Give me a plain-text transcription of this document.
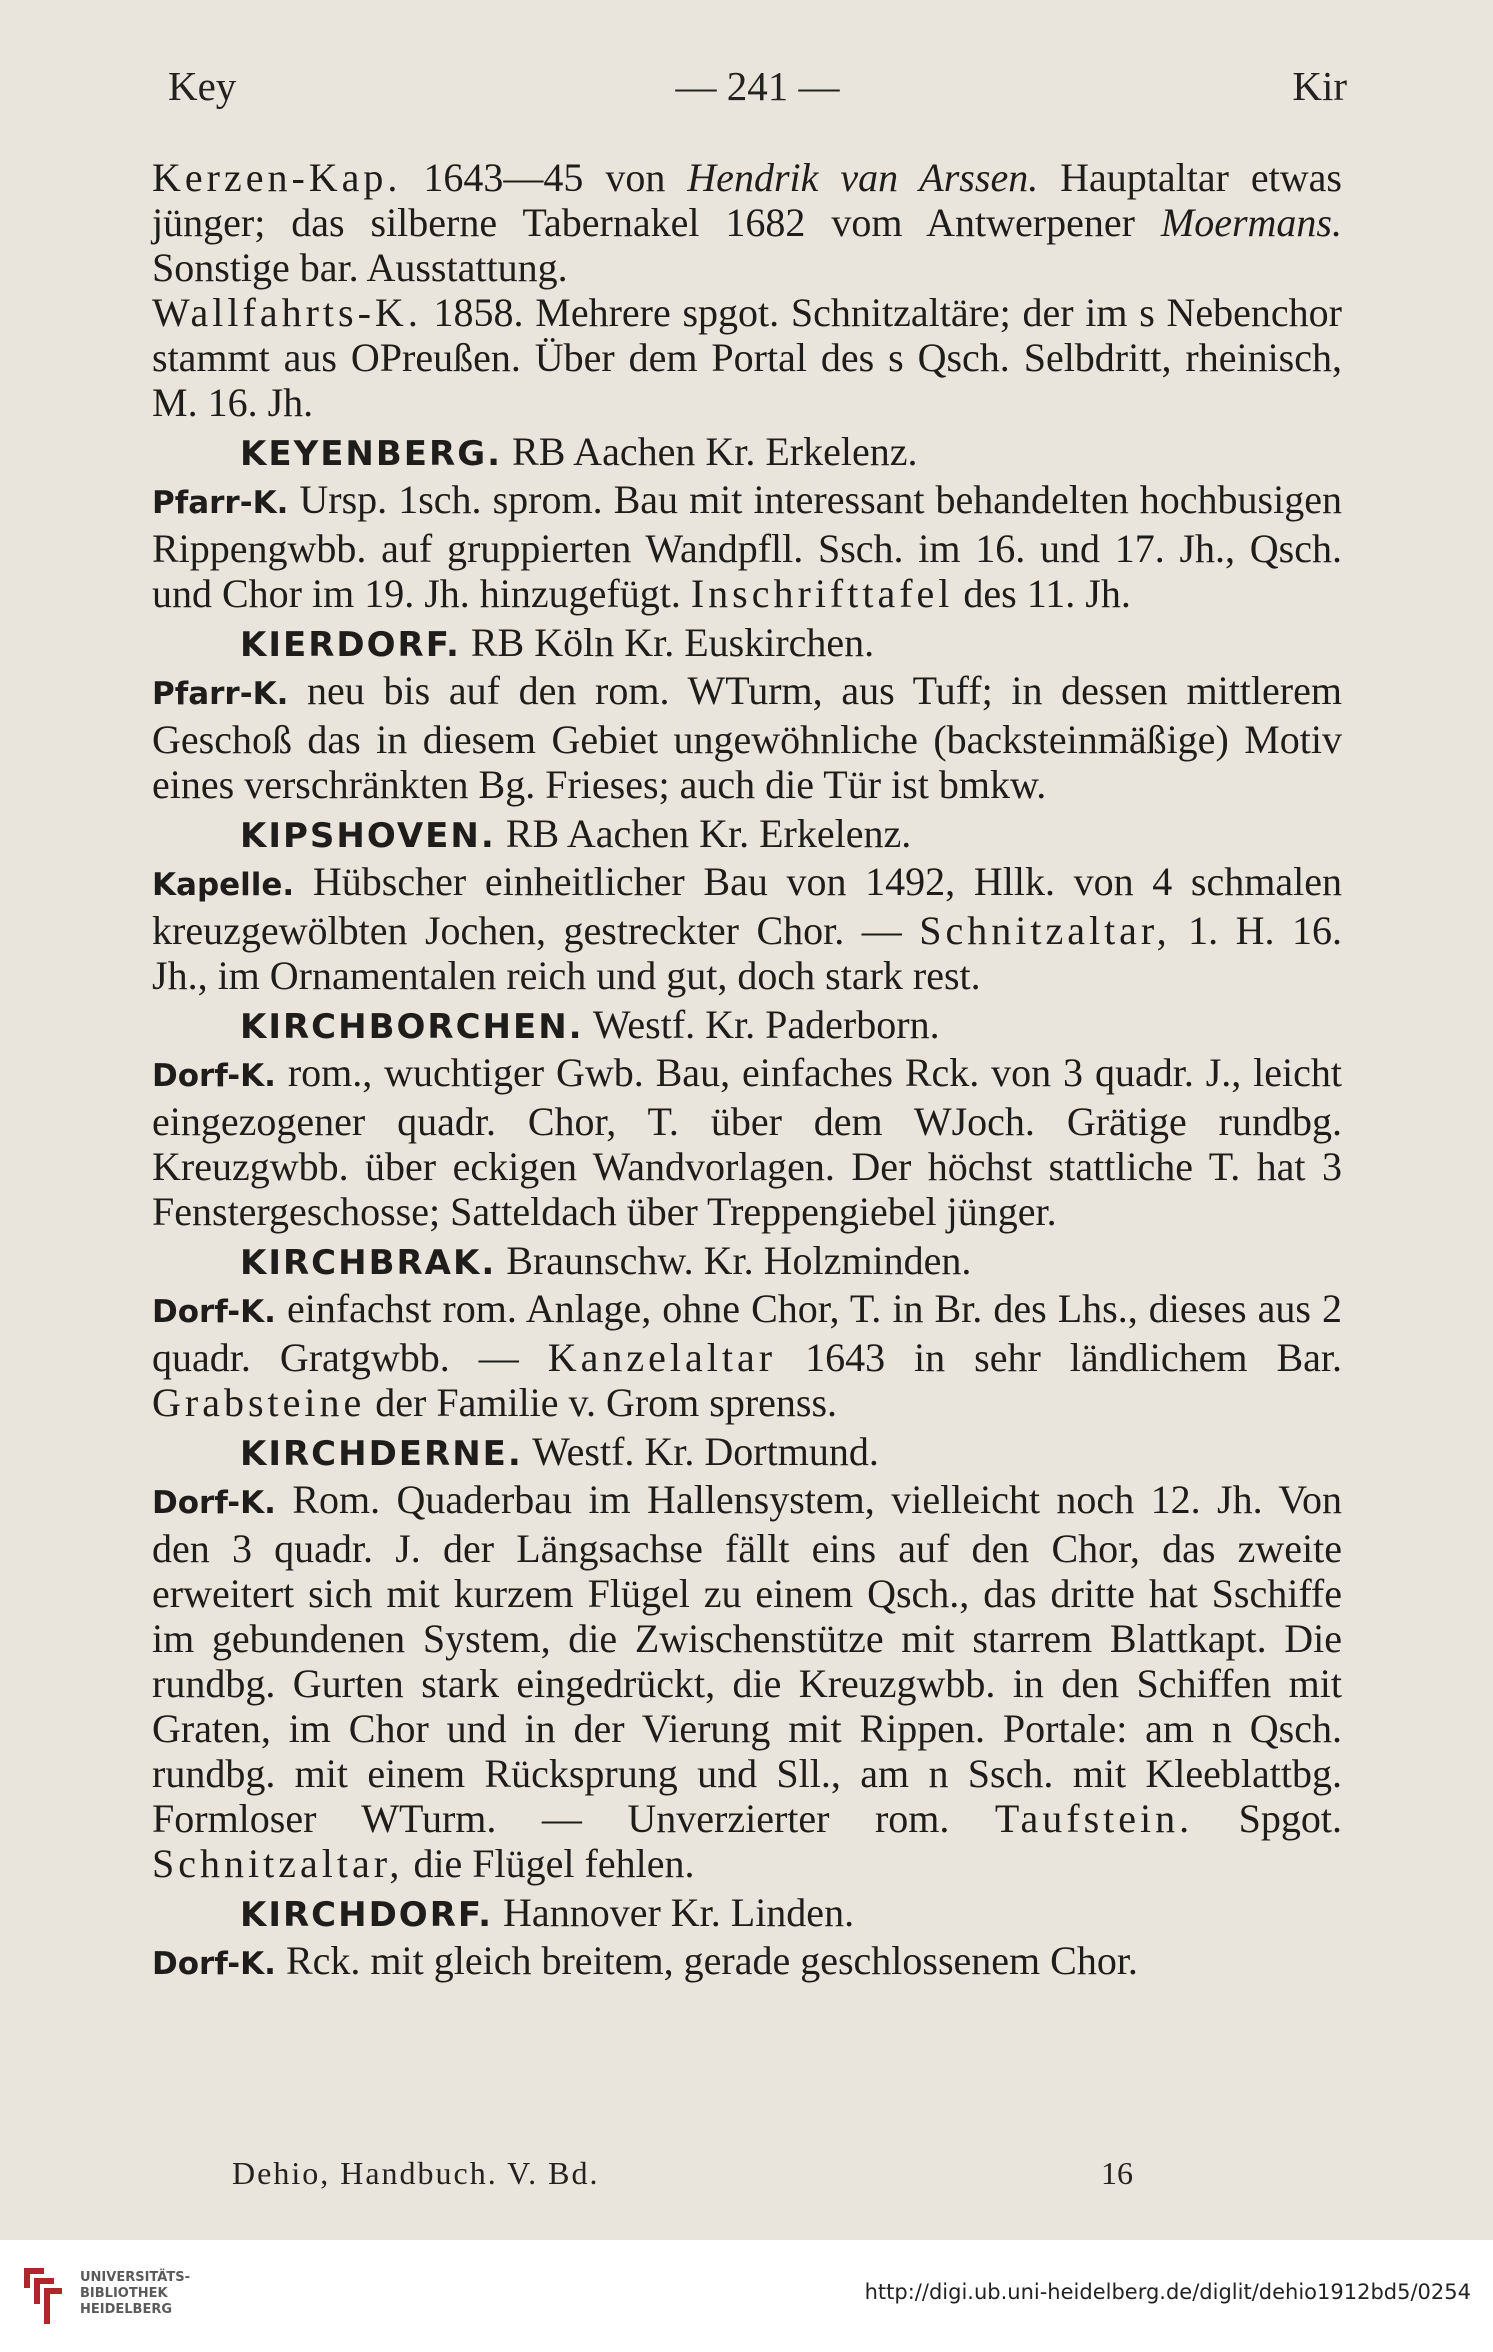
Key	— 241 —	Kir

Kerzen-Kap. 1643—45 von Hendrik van Arssen. Hauptaltar etwas jünger; das silberne Tabernakel 1682 vom Antwerpener Moermans. Sonstige bar. Ausstattung.

Wallfahrts-K. 1858. Mehrere spgot. Schnitzaltäre; der im s Nebenchor stammt aus OPreußen. Über dem Portal des s Qsch. Selbdritt, rheinisch, M. 16. Jh.

KEYENBERG. RB Aachen Kr. Erkelenz.

Pfarr-K. Ursp. 1sch. sprom. Bau mit interessant behandelten hochbusigen Rippengwbb. auf gruppierten Wandpfll. Ssch. im 16. und 17. Jh., Qsch. und Chor im 19. Jh. hinzugefügt. Inschrifttafel des 11. Jh.

KIERDORF. RB Köln Kr. Euskirchen.

Pfarr-K. neu bis auf den rom. WTurm, aus Tuff; in dessen mittlerem Geschoß das in diesem Gebiet ungewöhnliche (backsteinmäßige) Motiv eines verschränkten Bg. Frieses; auch die Tür ist bmkw.

KIPSHOVEN. RB Aachen Kr. Erkelenz.

Kapelle. Hübscher einheitlicher Bau von 1492, Hllk. von 4 schmalen kreuzgewölbten Jochen, gestreckter Chor. — Schnitzaltar, 1. H. 16. Jh., im Ornamentalen reich und gut, doch stark rest.

KIRCHBORCHEN. Westf. Kr. Paderborn.

Dorf-K. rom., wuchtiger Gwb. Bau, einfaches Rck. von 3 quadr. J., leicht eingezogener quadr. Chor, T. über dem WJoch. Grätige rundbg. Kreuzgwbb. über eckigen Wandvorlagen. Der höchst stattliche T. hat 3 Fenstergeschosse; Satteldach über Treppengiebel jünger.

KIRCHBRAK. Braunschw. Kr. Holzminden.

Dorf-K. einfachst rom. Anlage, ohne Chor, T. in Br. des Lhs., dieses aus 2 quadr. Gratgwbb. — Kanzelaltar 1643 in sehr ländlichem Bar. Grabsteine der Familie v. Grom sprenss.

KIRCHDERNE. Westf. Kr. Dortmund.

Dorf-K. Rom. Quaderbau im Hallensystem, vielleicht noch 12. Jh. Von den 3 quadr. J. der Längsachse fällt eins auf den Chor, das zweite erweitert sich mit kurzem Flügel zu einem Qsch., das dritte hat Sschiffe im gebundenen System, die Zwischenstütze mit starrem Blattkapt. Die rundbg. Gurten stark eingedrückt, die Kreuzgwbb. in den Schiffen mit Graten, im Chor und in der Vierung mit Rippen. Portale: am n Qsch. rundbg. mit einem Rücksprung und Sll., am n Ssch. mit Kleeblattbg. Formloser WTurm. — Unverzierter rom. Taufstein. Spgot. Schnitzaltar, die Flügel fehlen.

KIRCHDORF. Hannover Kr. Linden.

Dorf-K. Rck. mit gleich breitem, gerade geschlossenem Chor.

Dehio, Handbuch. V. Bd.	16
UNIVERSITÄTS-
BIBLIOTHEK
HEIDELBERG
http://digi.ub.uni-heidelberg.de/diglit/dehio1912bd5/0254
